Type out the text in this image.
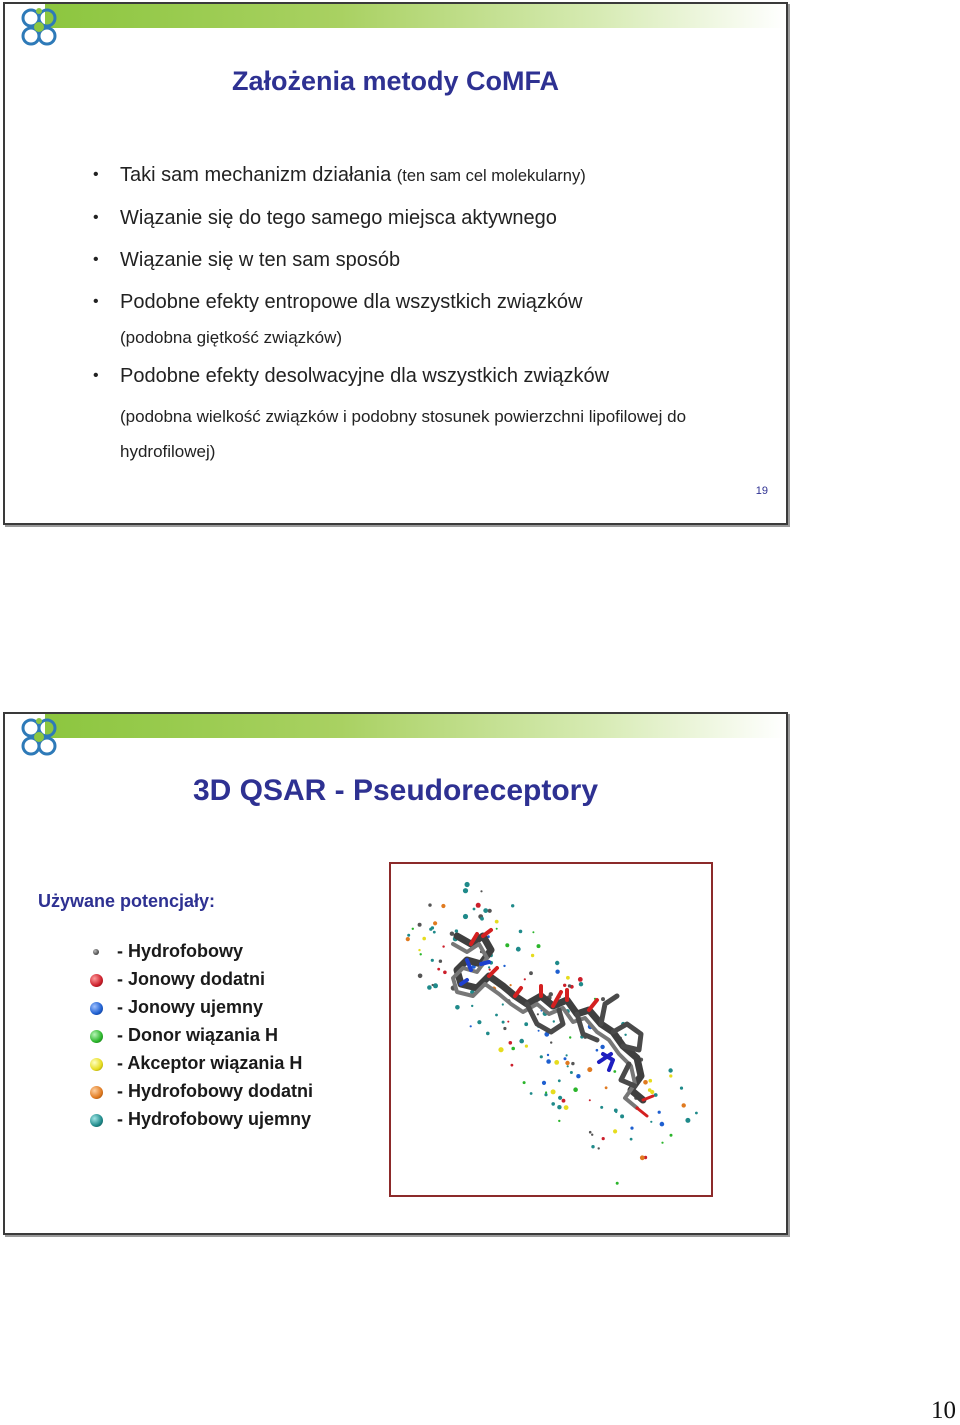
Założenia metody CoMFA
• Taki sam mechanizm działania (ten sam cel molekularny)
• Wiązanie się do tego samego miejsca aktywnego
• Wiązanie się w ten sam sposób
• Podobne efekty entropowe dla wszystkich związków
(podobna giętkość związków)
• Podobne efekty desolwacyjne dla wszystkich związków
(podobna wielkość związków i podobny stosunek powierzchni lipofilowej do hydrofilowej)
19
3D QSAR - Pseudoreceptory
Używane potencjały:
- Hydrofobowy
- Jonowy dodatni
- Jonowy ujemny
- Donor wiązania H
- Akceptor wiązania H
- Hydrofobowy dodatni
- Hydrofobowy ujemny
10
